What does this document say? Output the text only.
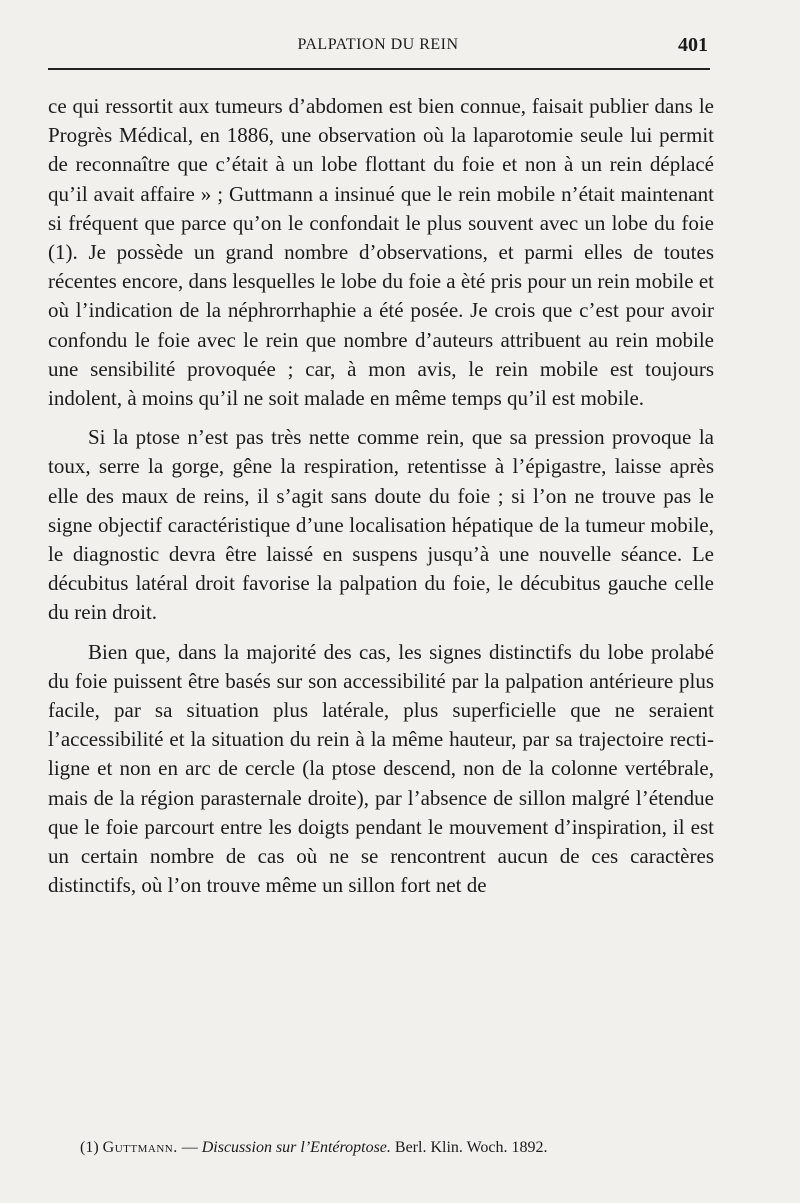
PALPATION DU REIN	401

ce qui ressortit aux tumeurs d’abdomen est bien connue, faisait publier dans le Progrès Médical, en 1886, une observation où la laparotomie seule lui permit de reconnaître que c’était à un lobe flottant du foie et non à un rein déplacé qu’il avait affaire » ; Guttmann a insinué que le rein mobile n’était maintenant si fréquent que parce qu’on le confondait le plus souvent avec un lobe du foie (1). Je possède un grand nombre d’observations, et parmi elles de toutes récentes encore, dans lesquelles le lobe du foie a èté pris pour un rein mobile et où l’indication de la néphrorrhaphie a été posée. Je crois que c’est pour avoir confondu le foie avec le rein que nombre d’auteurs attribuent au rein mobile une sensibilité provoquée ; car, à mon avis, le rein mobile est toujours indolent, à moins qu’il ne soit malade en même temps qu’il est mobile.

Si la ptose n’est pas très nette comme rein, que sa pression provoque la toux, serre la gorge, gêne la respiration, retentisse à l’épigastre, laisse après elle des maux de reins, il s’agit sans doute du foie ; si l’on ne trouve pas le signe objectif caractéristique d’une localisation hépatique de la tumeur mobile, le diagnostic devra être laissé en suspens jusqu’à une nouvelle séance. Le décubitus latéral droit favorise la palpation du foie, le décubitus gauche celle du rein droit.

Bien que, dans la majorité des cas, les signes distinctifs du lobe prolabé du foie puissent être basés sur son accessibilité par la palpation antérieure plus facile, par sa situation plus latérale, plus superficielle que ne seraient l’accessibilité et la situation du rein à la même hauteur, par sa trajectoire rectiligne et non en arc de cercle (la ptose descend, non de la colonne vertébrale, mais de la région parasternale droite), par l’absence de sillon malgré l’étendue que le foie parcourt entre les doigts pendant le mouvement d’inspiration, il est un certain nombre de cas où ne se rencontrent aucun de ces caractères distinctifs, où l’on trouve même un sillon fort net de

(1) Guttmann. — Discussion sur l’Entéroptose. Berl. Klin. Woch. 1892.
